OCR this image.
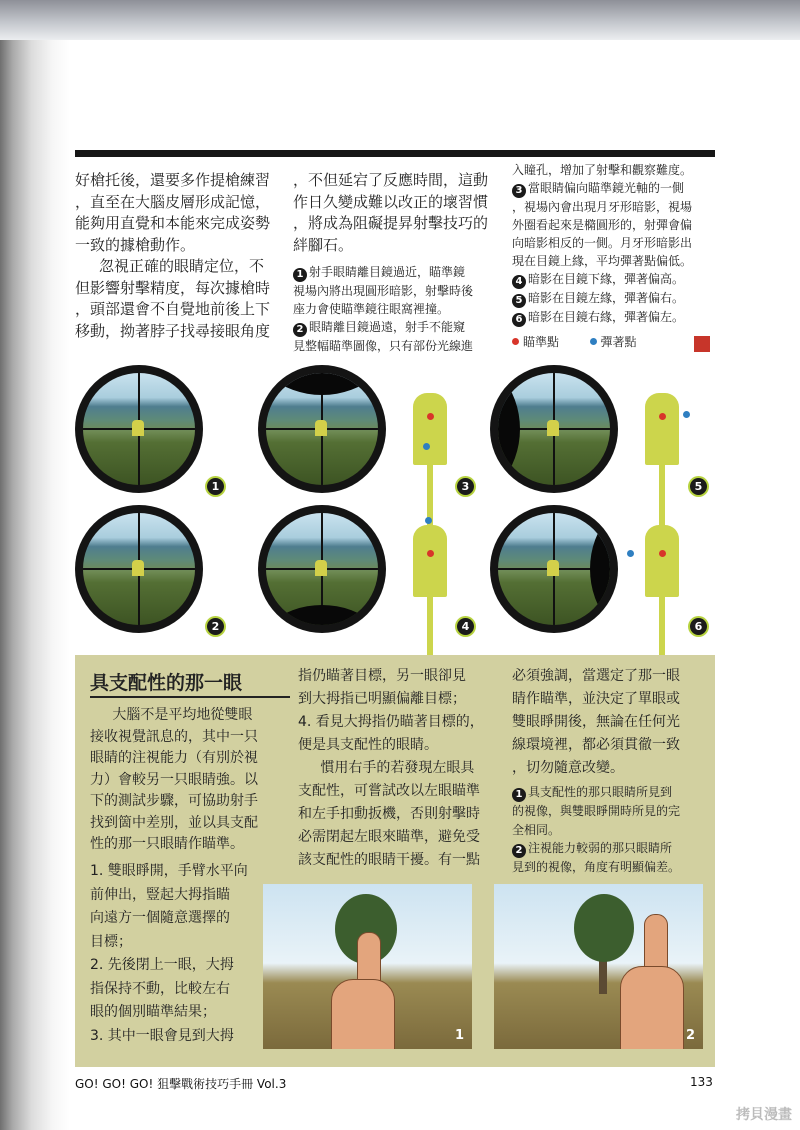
好槍托後，還要多作提槍練習

，直至在大腦皮層形成記憶，

能夠用直覺和本能來完成姿勢

一致的據槍動作。

忽視正確的眼睛定位，不

但影響射擊精度，每次據槍時

，頭部還會不自覺地前後上下

移動，拗著脖子找尋接眼角度

，不但延宕了反應時間，這動

作日久變成難以改正的壞習慣

，將成為阻礙提昇射擊技巧的

絆腳石。

1 射手眼睛離目鏡過近，瞄準鏡

視場內將出現圓形暗影，射擊時後

座力會使瞄準鏡往眼窩裡撞。

2 眼睛離目鏡過遠，射手不能窺

見整幅瞄準圖像，只有部份光線進

入瞳孔，增加了射擊和觀察難度。

3 當眼睛偏向瞄準鏡光軸的一側

，視場內會出現月牙形暗影，視場

外圈看起來是橢圓形的，射彈會偏

向暗影相反的一側。月牙形暗影出

現在目鏡上緣，平均彈著點偏低。

4 暗影在目鏡下緣，彈著偏高。

5 暗影在目鏡左緣，彈著偏右。

6 暗影在目鏡右緣，彈著偏左。

瞄準點	彈著點
1
2
3
4
5
6
具支配性的那一眼

大腦不是平均地從雙眼

接收視覺訊息的，其中一只

眼睛的注視能力（有別於視

力）會較另一只眼睛強。以

下的測試步驟，可協助射手

找到箇中差別，並以具支配

性的那一只眼睛作瞄準。

1. 雙眼睜開，手臂水平向

前伸出，豎起大拇指瞄

向遠方一個隨意選擇的

目標；

2. 先後閉上一眼，大拇

指保持不動，比較左右

眼的個別瞄準結果；

3. 其中一眼會見到大拇

指仍瞄著目標，另一眼卻見

到大拇指已明顯偏離目標；

4. 看見大拇指仍瞄著目標的，

便是具支配性的眼睛。

慣用右手的若發現左眼具

支配性，可嘗試改以左眼瞄準

和左手扣動扳機，否則射擊時

必需閉起左眼來瞄準，避免受

該支配性的眼睛干擾。有一點

必須強調，當選定了那一眼

睛作瞄準，並決定了單眼或

雙眼睜開後，無論在任何光

線環境裡，都必須貫徹一致

，切勿隨意改變。

1 具支配性的那只眼睛所見到

的視像，與雙眼睜開時所見的完

全相同。

2 注視能力較弱的那只眼睛所

見到的視像，角度有明顯偏差。

1	2
GO! GO! GO! 狙擊戰術技巧手冊 Vol.3	133
拷貝漫畫
